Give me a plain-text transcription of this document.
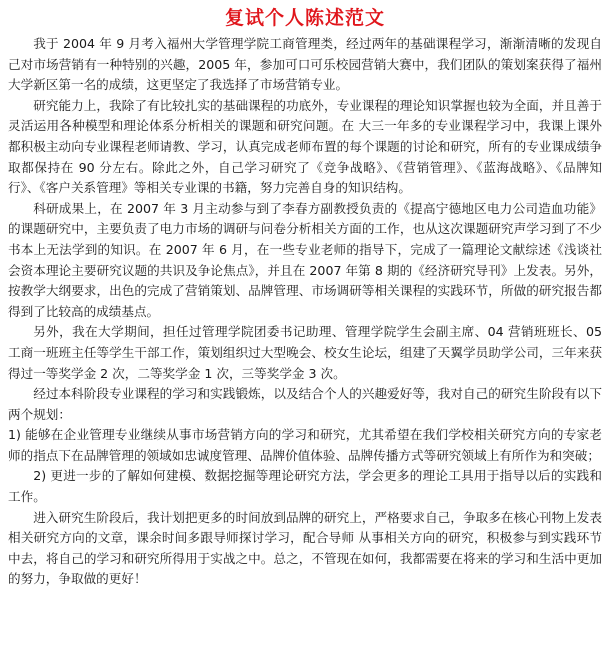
复试个人陈述范文

我于 2004 年 9 月考入福州大学管理学院工商管理类，经过两年的基础课程学习，渐渐清晰的发现自己对市场营销有一种特别的兴趣，2005 年，参加可口可乐校园营销大赛中，我们团队的策划案获得了福州大学新区第一名的成绩，这更坚定了我选择了市场营销专业。

研究能力上，我除了有比较扎实的基础课程的功底外，专业课程的理论知识掌握也较为全面，并且善于灵活运用各种模型和理论体系分析相关的课题和研究问题。在 大三一年多的专业课程学习中，我课上课外都积极主动向专业课程老师请教、学习，认真完成老师布置的每个课题的讨论和研究，所有的专业课成绩争取都保持在 90 分左右。除此之外，自己学习研究了《竞争战略》、《营销管理》、《蓝海战略》、《品牌知行》、《客户关系管理》等相关专业课的书籍，努力完善自身的知识结构。

科研成果上，在 2007 年 3 月主动参与到了李春方副教授负责的《提高宁德地区电力公司造血功能》的课题研究中，主要负责了电力市场的调研与问卷分析相关方面的工作，也从这次课题研究声学习到了不少书本上无法学到的知识。在 2007 年 6 月，在一些专业老师的指导下，完成了一篇理论文献综述《浅谈社会资本理论主要研究议题的共识及争论焦点》，并且在 2007 年第 8 期的《经济研究导刊》上发表。另外，按教学大纲要求，出色的完成了营销策划、品牌管理、市场调研等相关课程的实践环节，所做的研究报告都得到了比较高的成绩基点。

另外，我在大学期间，担任过管理学院团委书记助理、管理学院学生会副主席、04 营销班班长、05 工商一班班主任等学生干部工作，策划组织过大型晚会、校女生论坛，组建了天翼学员助学公司，三年来获得过一等奖学金 2 次，二等奖学金 1 次，三等奖学金 3 次。

经过本科阶段专业课程的学习和实践锻炼，以及结合个人的兴趣爱好等，我对自己的研究生阶段有以下两个规划：

1) 能够在企业管理专业继续从事市场营销方向的学习和研究，尤其希望在我们学校相关研究方向的专家老师的指点下在品牌管理的领域如忠诚度管理、品牌价值体验、品牌传播方式等研究领域上有所作为和突破；

2) 更进一步的了解如何建模、数据挖掘等理论研究方法，学会更多的理论工具用于指导以后的实践和工作。

进入研究生阶段后，我计划把更多的时间放到品牌的研究上，严格要求自己，争取多在核心刊物上发表相关研究方向的文章，课余时间多跟导师探讨学习，配合导师 从事相关方向的研究，积极参与到实践环节中去，将自己的学习和研究所得用于实战之中。总之，不管现在如何，我都需要在将来的学习和生活中更加的努力，争取做的更好！
